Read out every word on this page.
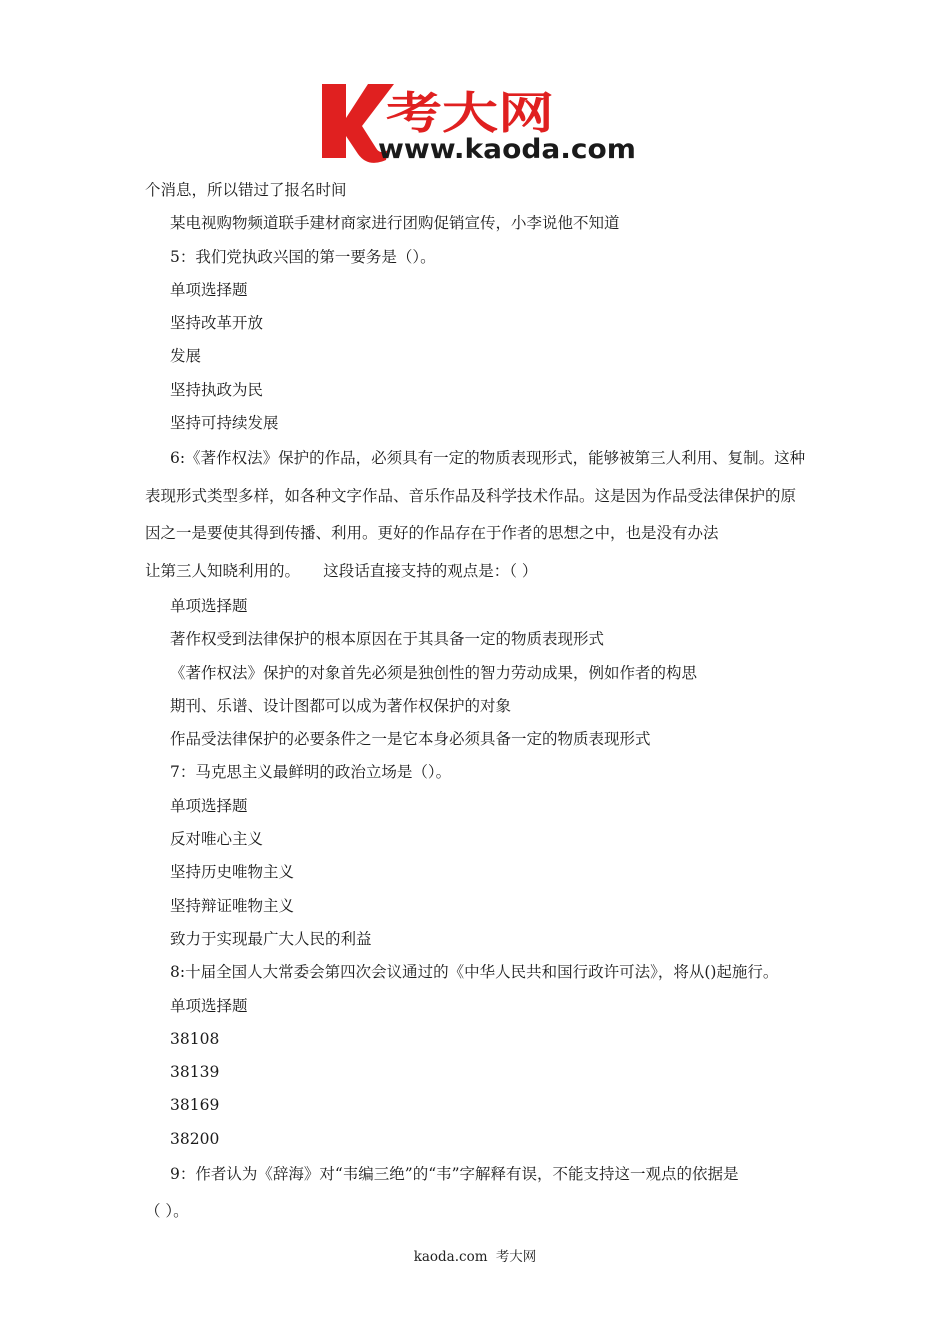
考大网
www.kaoda.com
个消息，所以错过了报名时间
某电视购物频道联手建材商家进行团购促销宣传，小李说他不知道
5：我们党执政兴国的第一要务是（）。
单项选择题
坚持改革开放
发展
坚持执政为民
坚持可持续发展
6:《著作权法》保护的作品，必须具有一定的物质表现形式，能够被第三人利用、复制。这种表现形式类型多样，如各种文字作品、音乐作品及科学技术作品。这是因为作品受法律保护的原因之一是要使其得到传播、利用。更好的作品存在于作者的思想之中，也是没有办法
让第三人知晓利用的。　　这段话直接支持的观点是：（ ）
单项选择题
著作权受到法律保护的根本原因在于其具备一定的物质表现形式
《著作权法》保护的对象首先必须是独创性的智力劳动成果，例如作者的构思
期刊、乐谱、设计图都可以成为著作权保护的对象
作品受法律保护的必要条件之一是它本身必须具备一定的物质表现形式
7：马克思主义最鲜明的政治立场是（）。
单项选择题
反对唯心主义
坚持历史唯物主义
坚持辩证唯物主义
致力于实现最广大人民的利益
8:十届全国人大常委会第四次会议通过的《中华人民共和国行政许可法》，将从()起施行。
单项选择题
38108
38139
38169
38200
9：作者认为《辞海》对“韦编三绝”的“韦”字解释有误，不能支持这一观点的依据是
（ ）。
kaoda.com 考大网
